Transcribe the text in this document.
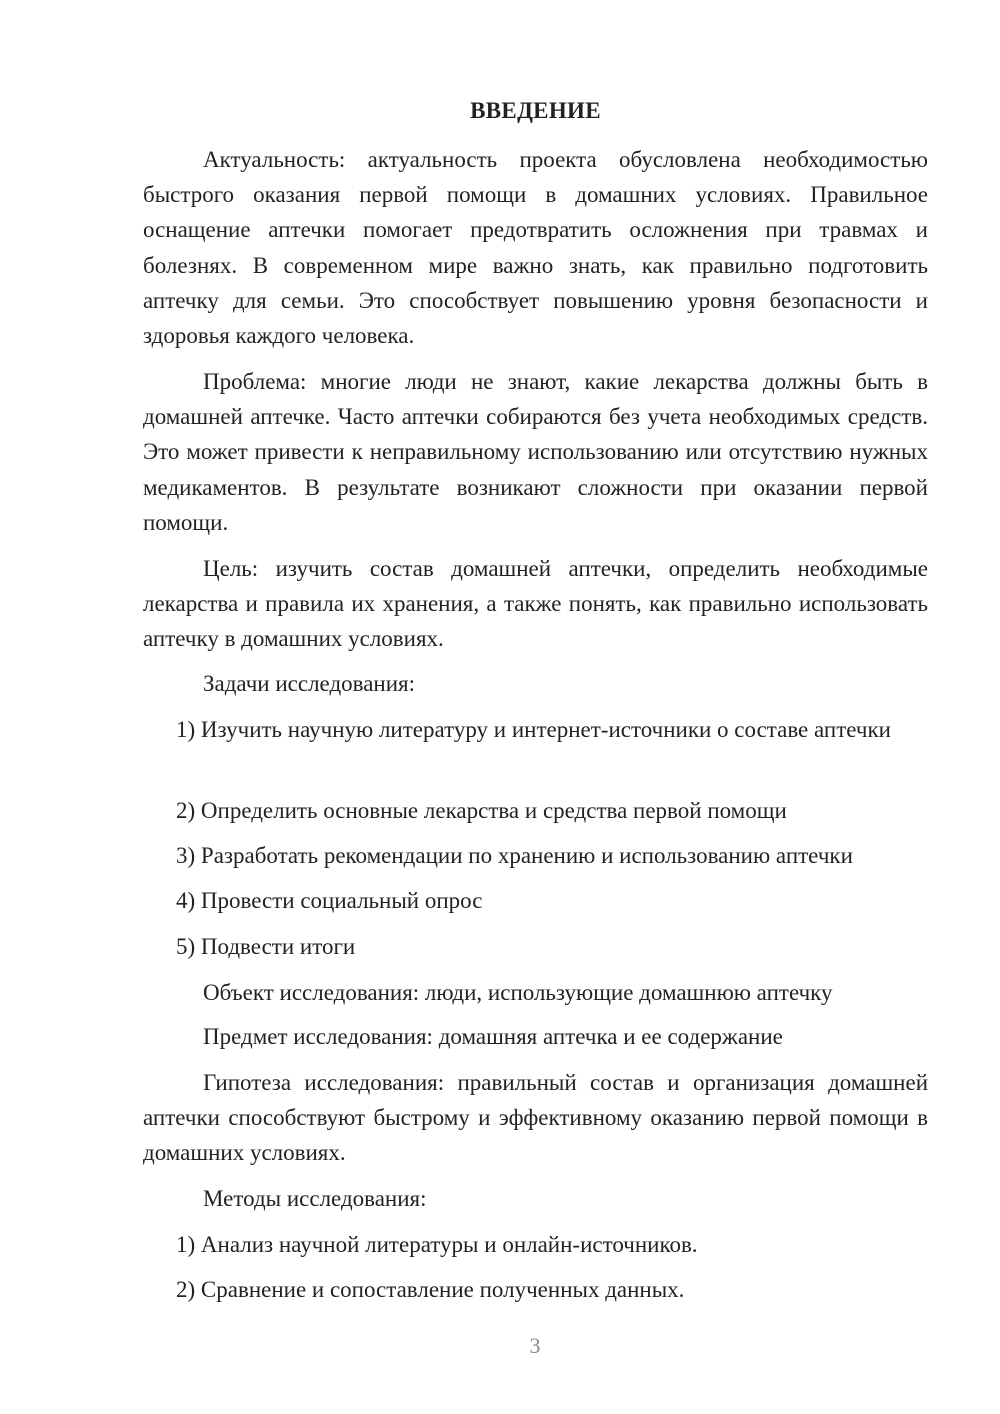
ВВЕДЕНИЕ

Актуальность: актуальность проекта обусловлена необходимостью быстрого оказания первой помощи в домашних условиях. Правильное оснащение аптечки помогает предотвратить осложнения при травмах и болезнях. В современном мире важно знать, как правильно подготовить аптечку для семьи. Это способствует повышению уровня безопасности и здоровья каждого человека.

Проблема: многие люди не знают, какие лекарства должны быть в домашней аптечке. Часто аптечки собираются без учета необходимых средств. Это может привести к неправильному использованию или отсутствию нужных медикаментов. В результате возникают сложности при оказании первой помощи.

Цель: изучить состав домашней аптечки, определить необходимые лекарства и правила их хранения, а также понять, как правильно использовать аптечку в домашних условиях.

Задачи исследования:

1) Изучить научную литературу и интернет-источники о составе аптечки

2) Определить основные лекарства и средства первой помощи

3) Разработать рекомендации по хранению и использованию аптечки

4) Провести социальный опрос

5) Подвести итоги

Объект исследования: люди, использующие домашнюю аптечку

Предмет исследования: домашняя аптечка и ее содержание

Гипотеза исследования: правильный состав и организация домашней аптечки способствуют быстрому и эффективному оказанию первой помощи в домашних условиях.

Методы исследования:

1) Анализ научной литературы и онлайн-источников.

2) Сравнение и сопоставление полученных данных.

3
